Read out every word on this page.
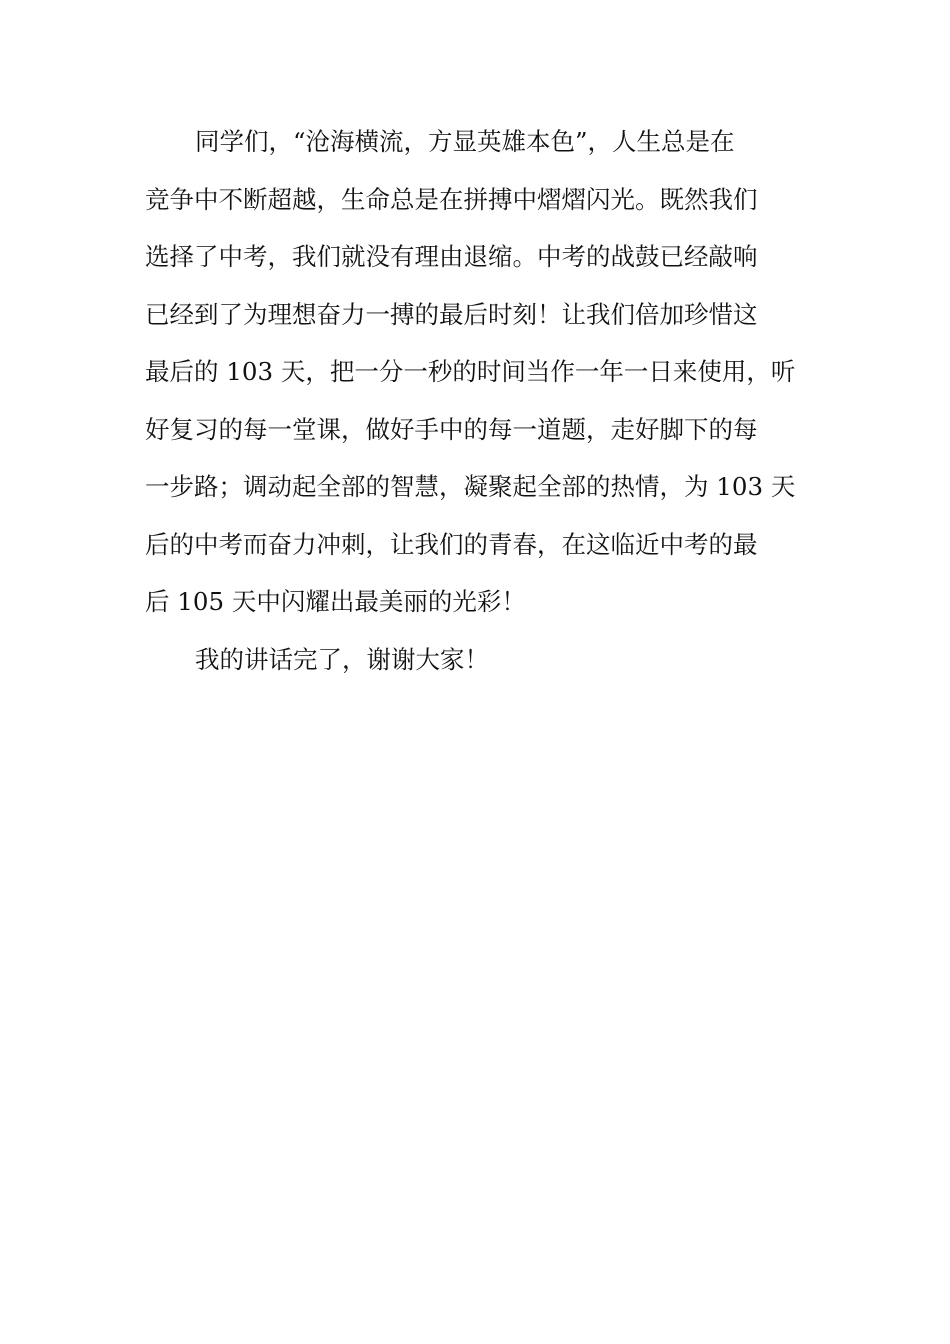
同学们，“沧海横流，方显英雄本色”，人生总是在
竞争中不断超越，生命总是在拼搏中熠熠闪光。既然我们
选择了中考，我们就没有理由退缩。中考的战鼓已经敲响
已经到了为理想奋力一搏的最后时刻！让我们倍加珍惜这
最后的 103 天，把一分一秒的时间当作一年一日来使用，听
好复习的每一堂课，做好手中的每一道题，走好脚下的每
一步路；调动起全部的智慧，凝聚起全部的热情，为 103 天
后的中考而奋力冲刺，让我们的青春，在这临近中考的最
后 105 天中闪耀出最美丽的光彩！
我的讲话完了，谢谢大家！
